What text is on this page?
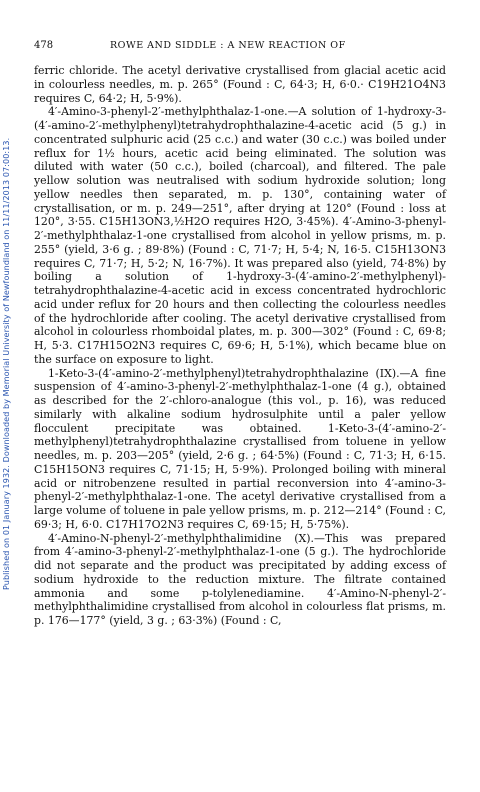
Published on 01 January 1932. Downloaded by Memorial University of Newfoundland on 11/11/2013 07:00:13.
478	ROWE AND SIDDLE : A NEW REACTION OF

ferric chloride. The acetyl derivative crystallised from glacial acetic acid in colourless needles, m. p. 265° (Found : C, 64·3; H, 6·0.· C19H21O4N3 requires C, 64·2; H, 5·9%).

4′-Amino-3-phenyl-2′-methylphthalaz-1-one.—A solution of 1-hydroxy-3-(4′-amino-2′-methylphenyl)tetrahydrophthalazine-4-acetic acid (5 g.) in concentrated sulphuric acid (25 c.c.) and water (30 c.c.) was boiled under reflux for 1½ hours, acetic acid being eliminated. The solution was diluted with water (50 c.c.), boiled (charcoal), and filtered. The pale yellow solution was neutralised with sodium hydroxide solution; long yellow needles then separated, m. p. 130°, containing water of crystallisation, or m. p. 249—251°, after drying at 120° (Found : loss at 120°, 3·55. C15H13ON3,½H2O requires H2O, 3·45%). 4′-Amino-3-phenyl-2′-methylphthalaz-1-one crystallised from alcohol in yellow prisms, m. p. 255° (yield, 3·6 g. ; 89·8%) (Found : C, 71·7; H, 5·4; N, 16·5. C15H13ON3 requires C, 71·7; H, 5·2; N, 16·7%). It was prepared also (yield, 74·8%) by boiling a solution of 1-hydroxy-3-(4′-amino-2′-methylphenyl)-tetrahydrophthalazine-4-acetic acid in excess concentrated hydrochloric acid under reflux for 20 hours and then collecting the colourless needles of the hydrochloride after cooling. The acetyl derivative crystallised from alcohol in colourless rhomboidal plates, m. p. 300—302° (Found : C, 69·8; H, 5·3. C17H15O2N3 requires C, 69·6; H, 5·1%), which became blue on the surface on exposure to light.

1-Keto-3-(4′-amino-2′-methylphenyl)tetrahydrophthalazine (IX).—A fine suspension of 4′-amino-3-phenyl-2′-methylphthalaz-1-one (4 g.), obtained as described for the 2′-chloro-analogue (this vol., p. 16), was reduced similarly with alkaline sodium hydrosulphite until a paler yellow flocculent precipitate was obtained. 1-Keto-3-(4′-amino-2′-methylphenyl)tetrahydrophthalazine crystallised from toluene in yellow needles, m. p. 203—205° (yield, 2·6 g. ; 64·5%) (Found : C, 71·3; H, 6·15. C15H15ON3 requires C, 71·15; H, 5·9%). Prolonged boiling with mineral acid or nitrobenzene resulted in partial reconversion into 4′-amino-3-phenyl-2′-methylphthalaz-1-one. The acetyl derivative crystallised from a large volume of toluene in pale yellow prisms, m. p. 212—214° (Found : C, 69·3; H, 6·0. C17H17O2N3 requires C, 69·15; H, 5·75%).

4′-Amino-N-phenyl-2′-methylphthalimidine (X).—This was prepared from 4′-amino-3-phenyl-2′-methylphthalaz-1-one (5 g.). The hydrochloride did not separate and the product was precipitated by adding excess of sodium hydroxide to the reduction mixture. The filtrate contained ammonia and some p-tolylenediamine. 4′-Amino-N-phenyl-2′-methylphthalimidine crystallised from alcohol in colourless flat prisms, m. p. 176—177° (yield, 3 g. ; 63·3%) (Found : C,
